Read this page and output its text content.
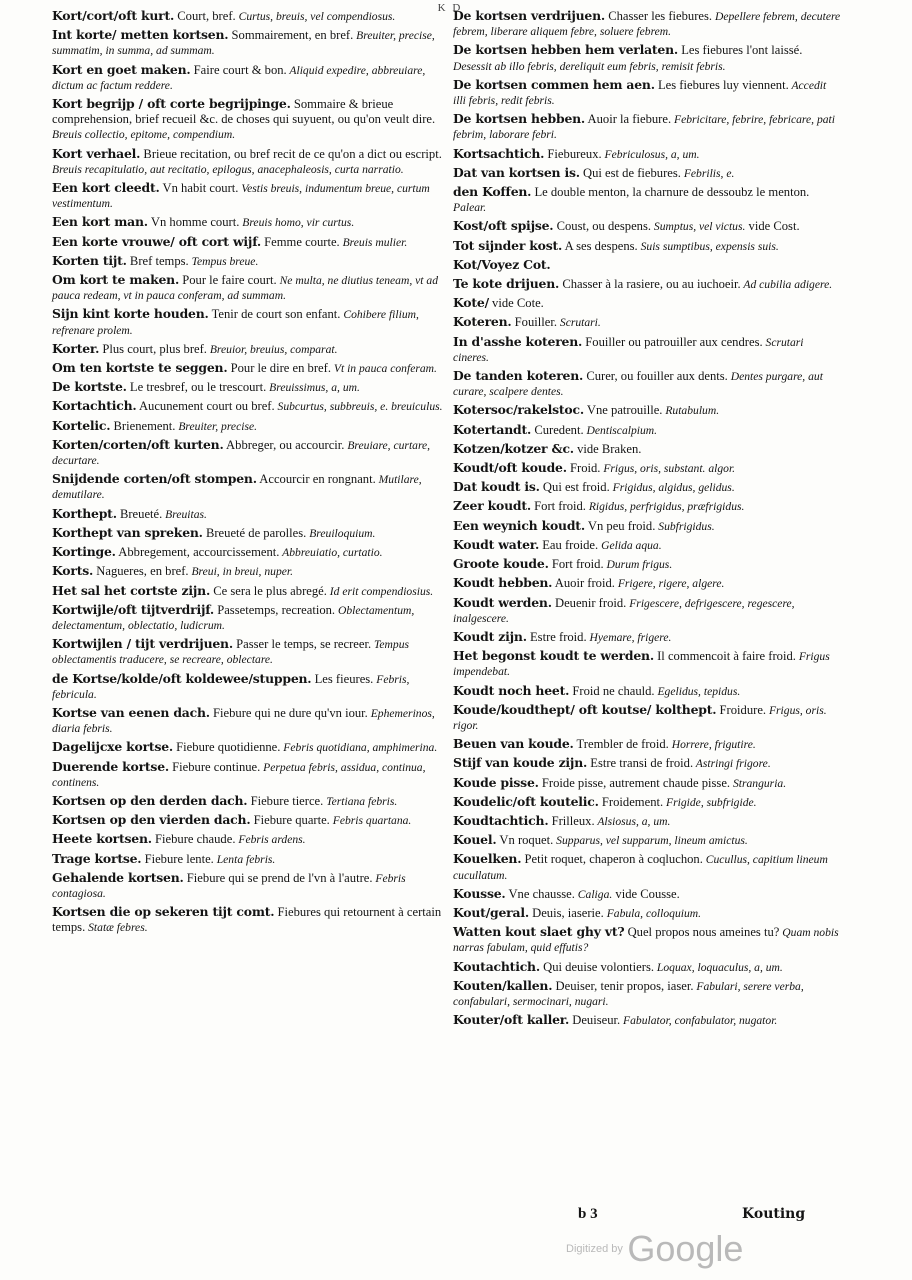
K D
Kort/cort/oft kurt. Court, bref. Curtus, breuis, vel compendiosus.
Int korte/ metten kortsen. Sommairement, en bref. Breuiter, precise, summatim, in summa, ad summam.
Kort en goet maken. Faire court & bon. Aliquid expedire, abbreuiare, dictum ac factum reddere.
Kort begrijp / oft corte begrijpinge. Sommaire & brieue comprehension, brief recueil &c. de choses qui suyuent, ou qu'on veult dire. Breuis collectio, epitome, compendium.
Kort verhael. Brieue recitation, ou bref recit de ce qu'on a dict ou escript. Breuis recapitulatio, aut recitatio, epilogus, anacephaleosis, curta narratio.
Een kort cleedt. Vn habit court. Vestis breuis, indumentum breue, curtum vestimentum.
Een kort man. Vn homme court. Breuis homo, vir curtus.
Een korte vrouwe/ oft cort wijf. Femme courte. Breuis mulier.
Korten tijt. Bref temps. Tempus breue.
Om kort te maken. Pour le faire court. Ne multa, ne diutius teneam, vt ad pauca redeam, vt in pauca conferam, ad summam.
Sijn kint korte houden. Tenir de court son enfant. Cohibere filium, refrenare prolem.
Korter. Plus court, plus bref. Breuior, breuius, comparat.
Om ten kortste te seggen. Pour le dire en bref. Vt in pauca conferam.
De kortste. Le tresbref, ou le trescourt. Breuissimus, a, um.
Kortachtich. Aucunement court ou bref. Subcurtus, subbreuis, e. breuiculus.
Kortelic. Brienement. Breuiter, precise.
Korten/corten/oft kurten. Abbreger, ou accourcir. Breuiare, curtare, decurtare.
Snijdende corten/oft stompen. Accourcir en rongnant. Mutilare, demutilare.
Korthept. Breueté. Breuitas.
Korthept van spreken. Breueté de parolles. Breuiloquium.
Kortinge. Abbregement, accourcissement. Abbreuiatio, curtatio.
Korts. Nagueres, en bref. Breui, in breui, nuper.
Het sal het cortste zijn. Ce sera le plus abregé. Id erit compendiosius.
Kortwijle/oft tijtverdrijf. Passetemps, recreation. Oblectamentum, delectamentum, oblectatio, ludicrum.
Kortwijlen / tijt verdrijuen. Passer le temps, se recreer. Tempus oblectamentis traducere, se recreare, oblectare.
de Kortse/kolde/oft koldewee/stuppen. Les fieures. Febris, febricula.
Kortse van eenen dach. Fiebure qui ne dure qu'vn iour. Ephemerinos, diaria febris.
Dagelijcxe kortse. Fiebure quotidienne. Febris quotidiana, amphimerina.
Duerende kortse. Fiebure continue. Perpetua febris, assidua, continua, continens.
Kortsen op den derden dach. Fiebure tierce. Tertiana febris.
Kortsen op den vierden dach. Fiebure quarte. Febris quartana.
Heete kortsen. Fiebure chaude. Febris ardens.
Trage kortse. Fiebure lente. Lenta febris.
Gehalende kortsen. Fiebure qui se prend de l'vn à l'autre. Febris contagiosa.
Kortsen die op sekeren tijt comt. Fiebures qui retournent à certain temps. Statæ febres.
De kortsen verdrijuen. Chasser les fiebures. Depellere febrem, decutere febrem, liberare aliquem febre, soluere febrem.
De kortsen hebben hem verlaten. Les fiebures l'ont laissé. Desessit ab illo febris, dereliquit eum febris, remisit febris.
De kortsen commen hem aen. Les fiebures luy viennent. Accedit illi febris, redit febris.
De kortsen hebben. Auoir la fiebure. Febricitare, febrire, febricare, pati febrim, laborare febri.
Kortsachtich. Fiebureux. Febriculosus, a, um.
Dat van kortsen is. Qui est de fiebures. Febrilis, e.
den Koffen. Le double menton, la charnure de dessoubz le menton. Palear.
Kost/oft spijse. Coust, ou despens. Sumptus, vel victus. vide Cost.
Tot sijnder kost. A ses despens. Suis sumptibus, expensis suis.
Kot/Voyez Cot.
Te kote drijuen. Chasser à la rasiere, ou au iuchoeir. Ad cubilia adigere.
Kote/ vide Cote.
Koteren. Fouiller. Scrutari.
In d'asshe koteren. Fouiller ou patrouiller aux cendres. Scrutari cineres.
De tanden koteren. Curer, ou fouiller aux dents. Dentes purgare, aut curare, scalpere dentes.
Kotersoc/rakelstoc. Vne patrouille. Rutabulum.
Kotertandt. Curedent. Dentiscalpium.
Kotzen/kotzer &c. vide Braken.
Koudt/oft koude. Froid. Frigus, oris, substant. algor.
Dat koudt is. Qui est froid. Frigidus, algidus, gelidus.
Zeer koudt. Fort froid. Rigidus, perfrigidus, præfrigidus.
Een weynich koudt. Vn peu froid. Subfrigidus.
Koudt water. Eau froide. Gelida aqua.
Groote koude. Fort froid. Durum frigus.
Koudt hebben. Auoir froid. Frigere, rigere, algere.
Koudt werden. Deuenir froid. Frigescere, defrigescere, regescere, inalgescere.
Koudt zijn. Estre froid. Hyemare, frigere.
Het begonst koudt te werden. Il commencoit à faire froid. Frigus impendebat.
Koudt noch heet. Froid ne chauld. Egelidus, tepidus.
Koude/koudthept/ oft koutse/ kolthept. Froidure. Frigus, oris. rigor.
Beuen van koude. Trembler de froid. Horrere, frigutire.
Stijf van koude zijn. Estre transi de froid. Astringi frigore.
Koude pisse. Froide pisse, autrement chaude pisse. Stranguria.
Koudelic/oft koutelic. Froidement. Frigide, subfrigide.
Koudtachtich. Frilleux. Alsiosus, a, um.
Kouel. Vn roquet. Supparus, vel supparum, lineum amictus.
Kouelken. Petit roquet, chaperon à coqluchon. Cucullus, capitium lineum cucullatum.
Kousse. Vne chausse. Caliga. vide Cousse.
Kout/geral. Deuis, iaserie. Fabula, colloquium.
Watten kout slaet ghy vt? Quel propos nous ameines tu? Quam nobis narras fabulam, quid effutis?
Koutachtich. Qui deuise volontiers. Loquax, loquaculus, a, um.
Kouten/kallen. Deuiser, tenir propos, iaser. Fabulari, serere verba, confabulari, sermocinari, nugari.
Kouter/oft kaller. Deuiseur. Fabulator, confabulator, nugator.
b 3	Kouting
Digitized by Google
